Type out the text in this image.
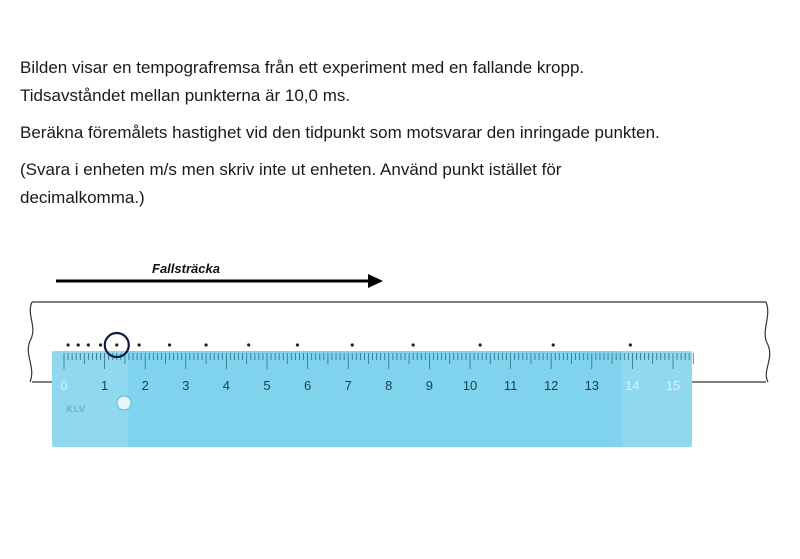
Bilden visar en tempografremsa från ett experiment med en fallande kropp.
Tidsavståndet mellan punkterna är 10,0 ms.

Beräkna föremålets hastighet vid den tidpunkt som motsvarar den inringade punkten.

(Svara i enheten m/s men skriv inte ut enheten. Använd punkt istället för
decimalkomma.)

0	1	2	3	4	5	6	7	8	9 10 11 12 13 14 15
Fallsträcka
KLV
